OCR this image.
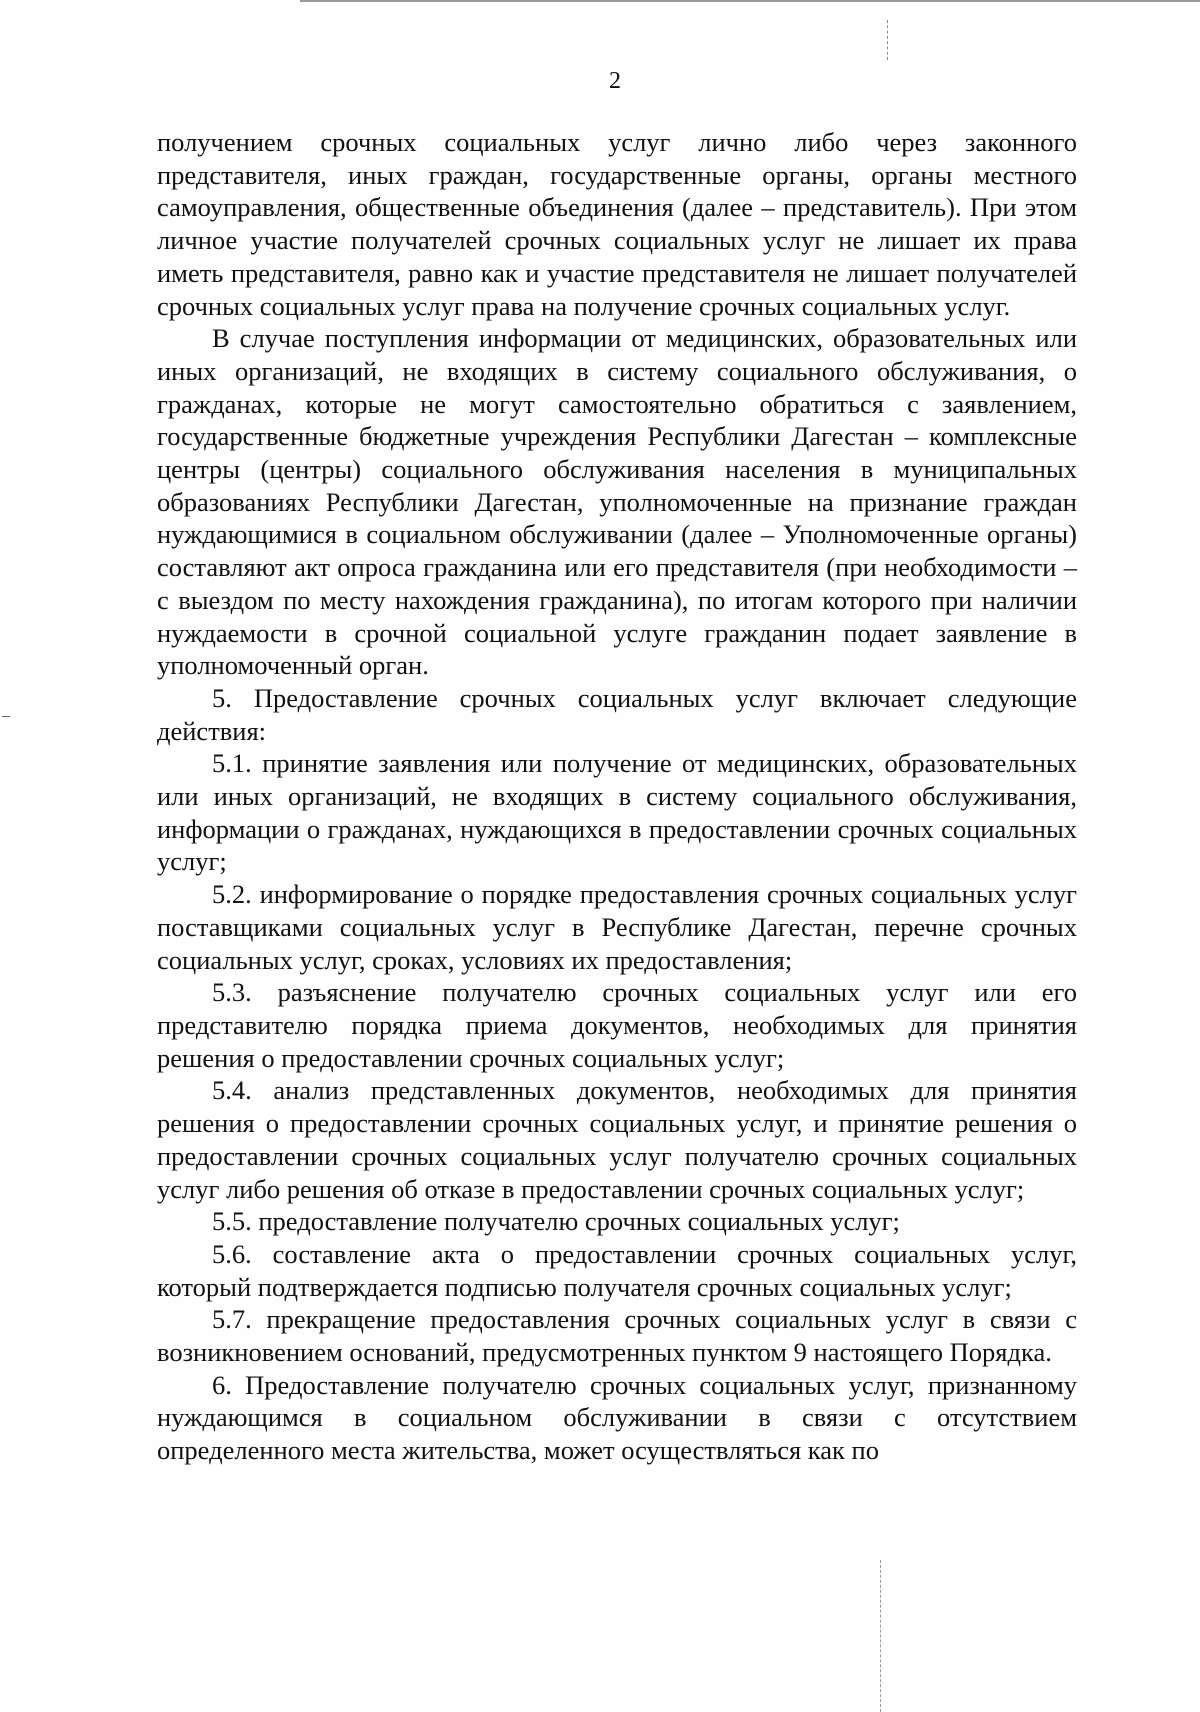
2

получением срочных социальных услуг лично либо через законного представителя, иных граждан, государственные органы, органы местного самоуправления, общественные объединения (далее – представитель). При этом личное участие получателей срочных социальных услуг не лишает их права иметь представителя, равно как и участие представителя не лишает получателей срочных социальных услуг права на получение срочных социальных услуг.

В случае поступления информации от медицинских, образовательных или иных организаций, не входящих в систему социального обслуживания, о гражданах, которые не могут самостоятельно обратиться с заявлением, государственные бюджетные учреждения Республики Дагестан – комплексные центры (центры) социального обслуживания населения в муниципальных образованиях Республики Дагестан, уполномоченные на признание граждан нуждающимися в социальном обслуживании (далее – Уполномоченные органы) составляют акт опроса гражданина или его представителя (при необходимости – с выездом по месту нахождения гражданина), по итогам которого при наличии нуждаемости в срочной социальной услуге гражданин подает заявление в уполномоченный орган.

5. Предоставление срочных социальных услуг включает следующие действия:

5.1. принятие заявления или получение от медицинских, образовательных или иных организаций, не входящих в систему социального обслуживания, информации о гражданах, нуждающихся в предоставлении срочных социальных услуг;

5.2. информирование о порядке предоставления срочных социальных услуг поставщиками социальных услуг в Республике Дагестан, перечне срочных социальных услуг, сроках, условиях их предоставления;

5.3. разъяснение получателю срочных социальных услуг или его представителю порядка приема документов, необходимых для принятия решения о предоставлении срочных социальных услуг;

5.4. анализ представленных документов, необходимых для принятия решения о предоставлении срочных социальных услуг, и принятие решения о предоставлении срочных социальных услуг получателю срочных социальных услуг либо решения об отказе в предоставлении срочных социальных услуг;

5.5. предоставление получателю срочных социальных услуг;

5.6. составление акта о предоставлении срочных социальных услуг, который подтверждается подписью получателя срочных социальных услуг;

5.7. прекращение предоставления срочных социальных услуг в связи с возникновением оснований, предусмотренных пунктом 9 настоящего Порядка.

6. Предоставление получателю срочных социальных услуг, признанному нуждающимся в социальном обслуживании в связи с отсутствием определенного места жительства, может осуществляться как по
